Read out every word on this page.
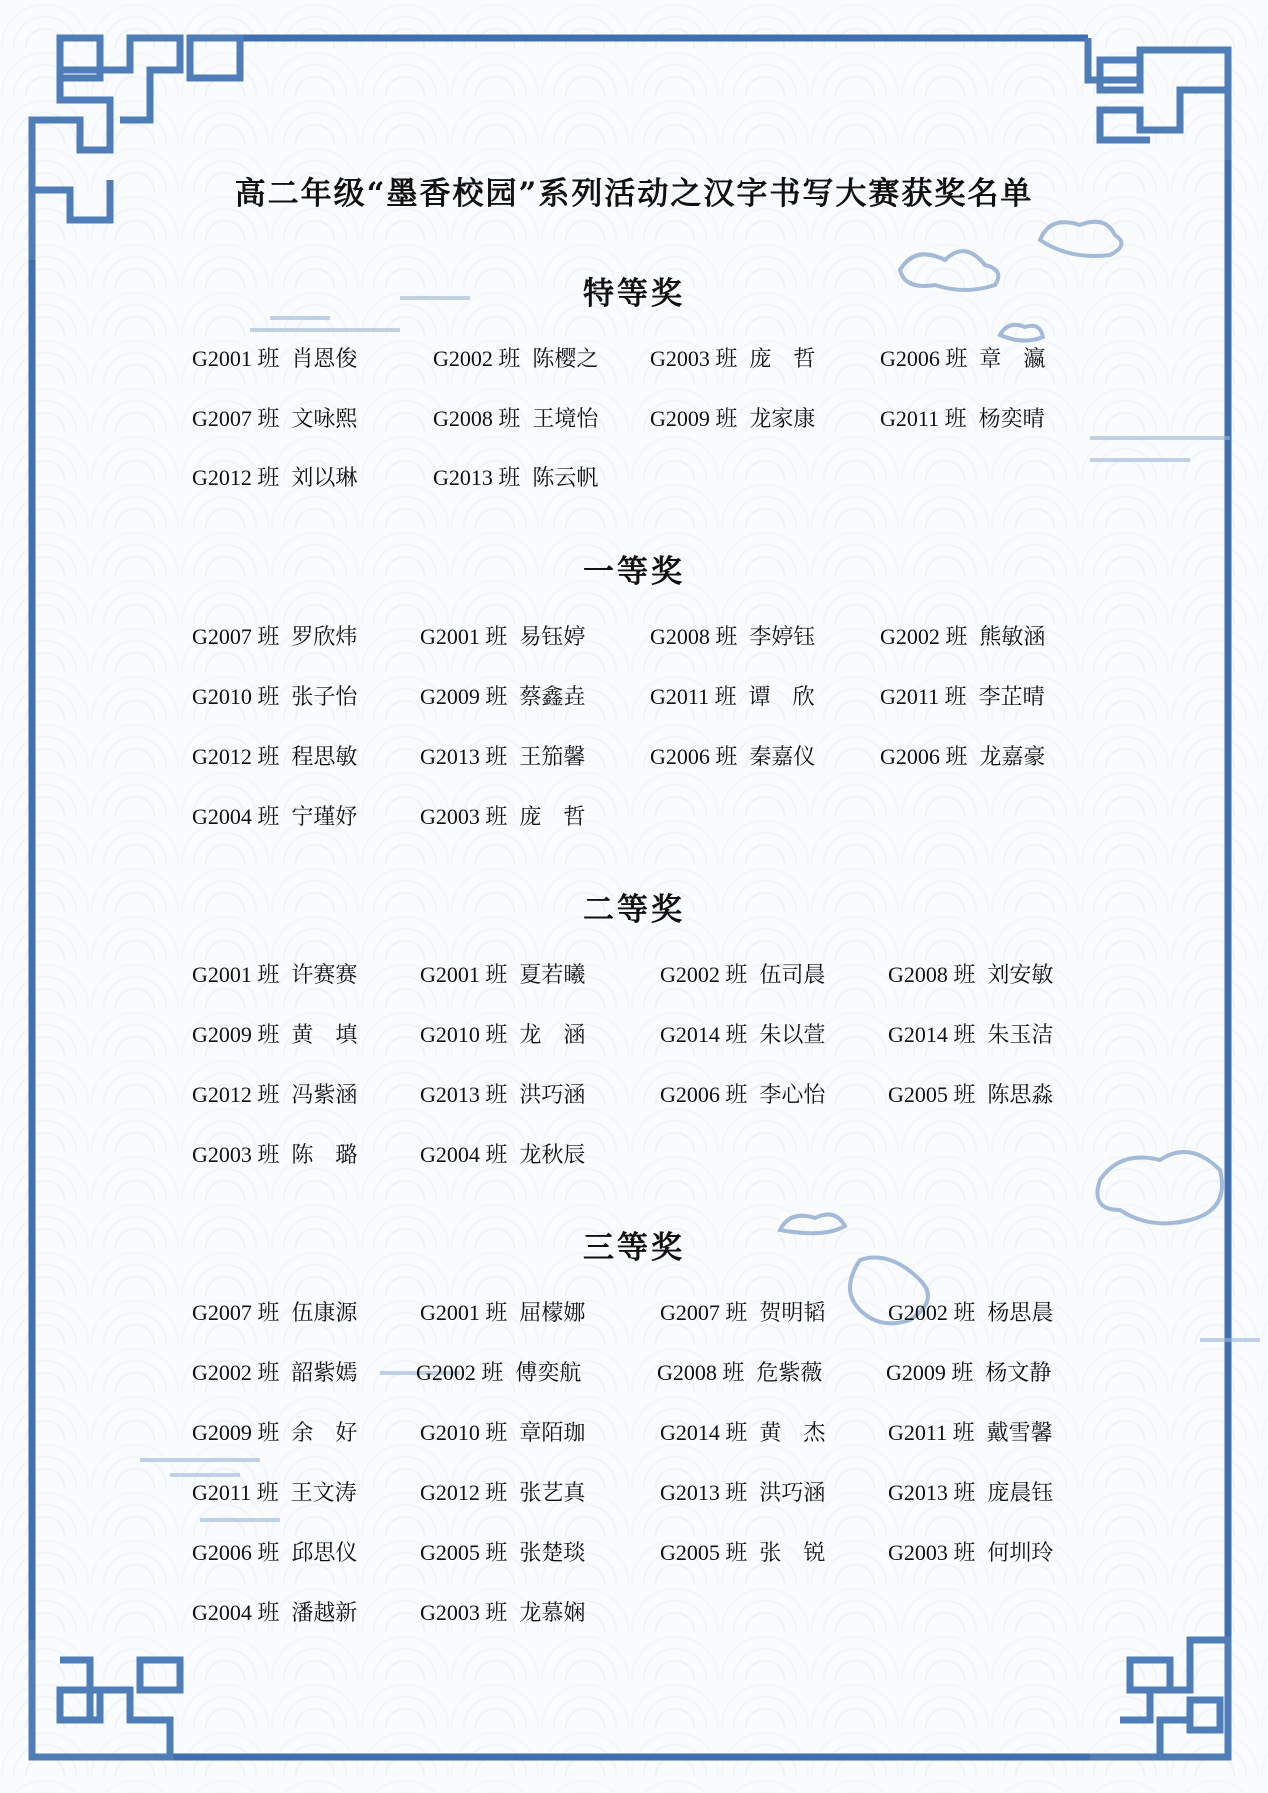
高二年级“墨香校园”系列活动之汉字书写大赛获奖名单
特等奖
G2001 班 肖恩俊	G2002 班 陈樱之 G2003 班 庞　哲	G2006 班 章　瀛
G2007 班 文咏熙	G2008 班 王境怡 G2009 班 龙家康	G2011 班 杨奕晴
G2012 班 刘以琳	G2013 班 陈云帆
一等奖
G2007 班 罗欣炜	G2001 班 易钰婷	G2008 班 李婷钰	G2002 班 熊敏涵
G2010 班 张子怡	G2009 班 蔡鑫垚	G2011 班 谭　欣	G2011 班 李芷晴
G2012 班 程思敏	G2013 班 王笳馨	G2006 班 秦嘉仪	G2006 班 龙嘉豪
G2004 班 宁瑾妤	G2003 班 庞　哲
二等奖
G2001 班 许赛赛	G2001 班 夏若曦	G2002 班 伍司晨	G2008 班 刘安敏
G2009 班 黄　填	G2010 班 龙　涵	G2014 班 朱以萱	G2014 班 朱玉洁
G2012 班 冯紫涵	G2013 班 洪巧涵	G2006 班 李心怡	G2005 班 陈思淼
G2003 班 陈　璐	G2004 班 龙秋辰
三等奖
G2007 班 伍康源	G2001 班 屈檬娜	G2007 班 贺明韬	G2002 班 杨思晨
G2002 班 韶紫嫣	G2002 班 傅奕航	G2008 班 危紫薇	G2009 班 杨文静
G2009 班 余　好	G2010 班 章陌珈	G2014 班 黄　杰	G2011 班 戴雪馨
G2011 班 王文涛	G2012 班 张艺真	G2013 班 洪巧涵	G2013 班 庞晨钰
G2006 班 邱思仪	G2005 班 张楚琰	G2005 班 张　锐	G2003 班 何圳玲
G2004 班 潘越新	G2003 班 龙慕娴
